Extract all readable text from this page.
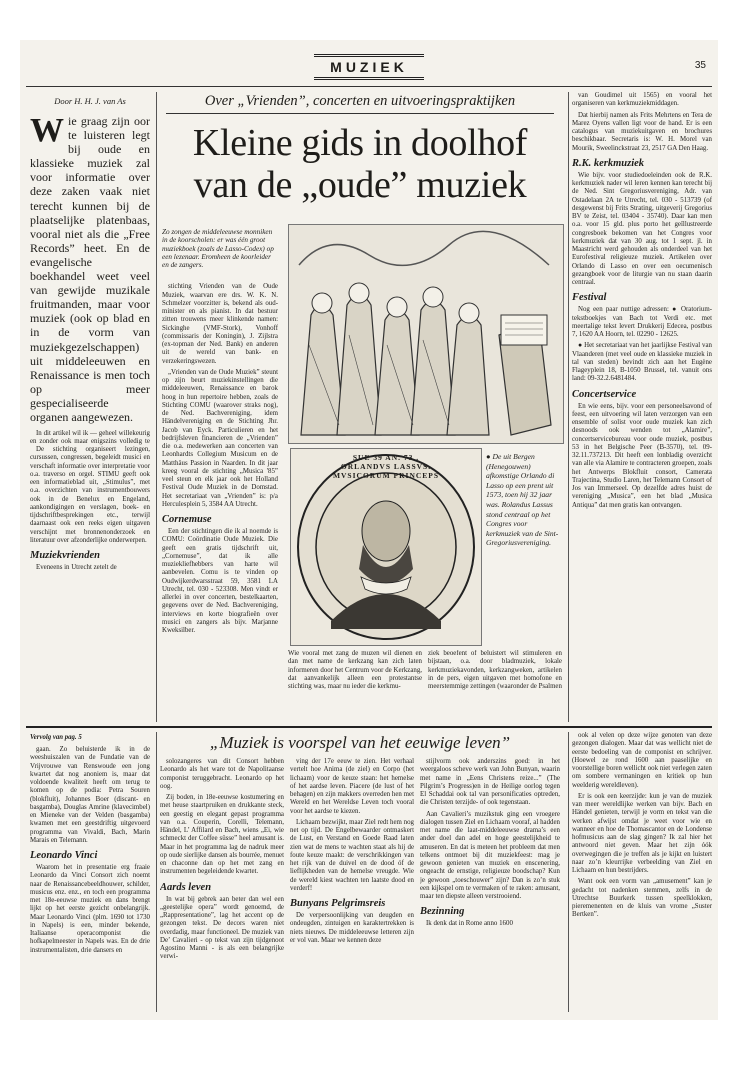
MUZIEK	35
Door H. H. J. van As
Wie graag zijn oor te luisteren legt bij oude en klassieke muziek zal voor informatie over deze zaken vaak niet terecht kunnen bij de plaatselijke platenbaas, vooral niet als die „Free Records” heet. En de evangelische boekhandel weet veel van gewijde muzikale fruitmanden, maar voor muziek (ook op blad en in de vorm van muziekgezelschappen) uit middeleeuwen en Renaissance is men toch op meer gespecialiseerde organen aangewezen.

In dit artikel wil ik — geheel willekeurig en zonder ook maar enigszins volledig te

De stichting organiseert lezingen, cursussen, congressen, begeleidt musici en verschaft informatie over interpretatie voor o.a. traverso en orgel. STIMU geeft ook een informatieblad uit, „Stimulus”, met o.a. overzichten van instrumentbouwers ook in de Benelux en Engeland, aankondigingen en verslagen, boek- en tijdschriftbesprekingen etc., terwijl daarnaast ook een reeks eigen uitgaven verschijnt met bronnenonderzoek en literatuur over afzonderlijke onderwerpen.

Muziekvrienden

Eveneens in Utrecht zetelt de

Over „Vrienden”, concerten en uitvoeringspraktijken
Kleine gids in doolhof
van de „oude” muziek
Zo zongen de middeleeuwse monniken in de koorscholen: er was één groot muziekboek (zoals de Lasso-Codex) op een lezenaar. Eromheen de koorleider en de zangers.

stichting Vrienden van de Oude Muziek, waarvan ere drs. W. K. N. Schmelzer voorzitter is, bekend als oud-minister en als pianist. In dat bestuur zitten trouwens meer klinkende namen: Sickinghe (VMF-Stork), Vonhoff (commissaris der Koningin), J. Zijlstra (ex-topman der Ned. Bank) en anderen uit de wereld van bank- en verzekeringswezen.

„Vrienden van de Oude Muziek” steunt op zijn beurt muziekinstellingen die middeleeuwen, Renaissance en barok hoog in hun repertoire hebben, zoals de Stichting COMU (waarover straks nog), de Ned. Bachvereniging, idem Händelvereniging en de Stichting Jhr. Jacob van Eyck. Particulieren en het bedrijfsleven financieren de „Vrienden” die o.a. medewerken aan concerten van Leonhardts Collegium Musicum en de Matthäus Passion in Naarden. In dit jaar kreeg vooral de stichting „Musica '85” veel steun en elk jaar ook het Holland Festival Oude Muziek in de Domstad. Het secretariaat van „Vrienden” is: p/a Herculesplein 5, 3584 AA Utrecht.

Cornemuse

Een der stichtingen die ik al noemde is COMU: Coördinatie Oude Muziek. Die geeft een gratis tijdschrift uit, „Cornemuse”, dat ik alle muziekliefhebbers van harte wil aanbevelen. Comu is te vinden op Oudwijkerdwarsstraat 59, 3581 LA Utrecht, tel. 030 - 523308. Men vindt er allerlei in over concerten, bestelkaarten, gegevens over de Ned. Bachvereniging, interviews en korte biografieën over musici en zangers als bijv. Marjanne Kweksilber.

SUE 39 AN. 73 . ORLANDVS LASSVS. MVSICORUM PRINCEPS
● De uit Bergen (Henegouwen) afkomstige Orlando di Lasso op een prent uit 1573, toen hij 32 jaar was. Rolandus Lassus stond centraal op het Congres voor kerkmuziek van de Sint-Gregoriusvereniging.
Wie vooral met zang de muzen wil dienen en dan met name de kerkzang kan zich laten informeren door het Centrum voor de Kerkzang, dat aanvankelijk alleen een protestantse stichting was, maar nu ieder die kerkmu-
ziek beoefent of beluistert wil stimuleren en bijstaan, o.a. door bladmuziek, lokale kerkmuziekavonden, kerkzangweken, artikelen in de pers, eigen uitgaven met homofone en meerstemmige zettingen (waaronder de Psalmen

van Goudimel uit 1565) en vooral het organiseren van kerkmuziekmiddagen.

Dat hierbij namen als Frits Mehrtens en Tera de Marez Oyens vallen ligt voor de hand. Er is een catalogus van muziekuitgaven en brochures beschikbaar. Secretaris is: W. H. Morel van Mourik, Sweelinckstraat 23, 2517 GA Den Haag.

R.K. kerkmuziek

Wie bijv. voor studiedoeleinden ook de R.K. kerkmuziek nader wil leren kennen kan terecht bij de Ned. Sint Gregoriusvereniging, Adr. van Ostadelaan 2A te Utrecht, tel. 030 - 513739 (of desgewenst bij Frits Strating, uitgeverij Gregorius BV te Zeist, tel. 03404 - 35740). Daar kan men o.a. voor 15 gld. plus porto het geïllustreerde congresboek bekomen van het Congres voor kerkmuziek dat van 30 aug. tot 1 sept. jl. in Maastricht werd gehouden als onderdeel van het Eurofestival religieuze muziek. Artikelen over Orlando di Lasso en over een oecumenisch gezangboek voor de liturgie van nu staan daarin centraal.

Festival

Nog een paar nuttige adressen: ● Oratorium-tekstboekjes van Bach tot Verdi etc. met meertalige tekst levert Drukkerij Edecea, postbus 7, 1620 AA Hoorn, tel. 02290 - 12625.

● Het secretariaat van het jaarlijkse Festival van Vlaanderen (met veel oude en klassieke muziek in tal van steden) bevindt zich aan het Eugène Flageyplein 18, B-1050 Brussel, tel. vanuit ons land: 09-32.2.6481484.

Concertservice

En wie eens, bijv. voor een personeelsavond of feest, een uitvoering wil laten verzorgen van een ensemble of solist voor oude muziek kan zich desnoods ook wenden tot „Alamire”, concertservicebureau voor oude muziek, postbus 53 in het Belgische Peer (B-3570), tel. 09-32.11.737213. Dit heeft een lonbladig overzicht van alle via Alamire te contracteren groepen, zoals het Antwerps Blokfluit consort, Camerata Trajectina, Studio Laren, het Telemann Consort of Jos van Immerseel. Op dezelfde adres huist de vereniging „Musica”, een het blad „Musica Antiqua” dat men gratis kan ontvangen.

Vervolg van pag. 5	„Muziek is voorspel van het eeuwige leven”

gaan. Zo beluisterde ik in de weeshuiszalen van de Fundatie van de Vrijvrouwe van Renswoude een jong kwartet dat nog anoniem is, maar dat voldoende kwaliteit heeft om terug te komen op de podia: Petra Souren (blokfluit), Johannes Boer (discant- en basgamba), Douglas Amrine (klavecimbel) en Mieneke van der Velden (basgamba) kwamen met een geestdriftig uitgevoerd programma van Vivaldi, Bach, Marin Marais en Telemann.

Leonardo Vinci

Waarom het in presentatie erg fraaie Leonardo da Vinci Consort zich noemt naar de Renaissancebeeldhouwer, schilder, musicus enz. enz., en toch een programma met 18e-eeuwse muziek en dans brengt lijkt op het eerste gezicht onbelangrijk. Maar Leonardo Vinci (plm. 1690 tot 1730 in Napels) is een, minder bekende, Italiaanse operacomponist die hofkapelmeester in Napels was. En de drie instrumentalisten, drie dansers en

solozangeres van dit Consort hebben Leonardo als het ware tot de Napolitaanse componist teruggebracht. Leonardo op het oog.

Zij boden, in 18e-eeuwse kostumering en met heuse staartpruiken en drukkante steck, een geestig en elegant gepast programma van o.a. Couperin, Corelli, Telemann, Händel, L’ Affilard en Bach, wiens „Ei, wie schmeckt der Coffee süsse” heel amusant is. Maar in het programma lag de nadruk meer op oude sierlijke dansen als bourrée, menuet en chaconne dan op het met zang en instrumenten begeleidende kwartet.

Aards leven

In wat bij gebrek aan beter dan wel een „geestelijke opera” wordt genoemd, de „Rappresentatione”, lag het accent op de gezongen tekst. De decors waren niet overdadig, maar functioneel. De muziek van De’ Cavalieri - op tekst van zijn tijdgenoot Agostino Manni - is als een belangrijke verwi-

ving der 17e eeuw te zien. Het verhaal vertelt hoe Anima (de ziel) en Corpo (het lichaam) voor de keuze staan: het hemelse of het aardse leven. Piacere (de lust of het behagen) en zijn makkers overreden hen met Wereld en het Wereldse Leven toch vooral voor het aardse te kiezen.

Lichaam bezwijkt, maar Ziel redt hem nog net op tijd. De Engelbewaarder ontmaskert de Lust, en Verstand en Goede Raad laten zien wat de mens te wachten staat als hij de foute keuze maakt: de verschrikkingen van het rijk van de duivel en de dood óf de lieflijkheden van de hemelse vreugde. Wie de wereld kiest wachten ten laatste dood en verderf!

Bunyans Pelgrimsreis

De verpersoonlijking van deugden en ondeugden, zintuigen en karaktertrekken is niets nieuws. De middeleeuwse letteren zijn er vol van. Maar we kennen deze

stijlvorm ook anderszins goed: in het weergaloos scheve werk van John Bunyan, waarin met name in „Eens Christens reize...” (The Pilgrim’s Progress)en in de Heilige oorlog tegen El Schaddai ook tal van personificaties optreden, die Christen terzijde- of ook tegenstaan.

Aan Cavalieri’s muzikstuk ging een vroegere dialogen tussen Ziel en Lichaam vooraf, al hadden met name die laat-middeleeuwse drama’s een ander doel dan adel en hoge geestelijkheid te amuseren. En dat is meteen het probleem dat men telkens ontmoet bij dit muziekfeest: mag je gewoon genieten van muziek en enscenering, ongeacht de ernstige, religieuze boodschap? Kun je gewoon „toeschouwer” zijn? Dan is zo’n stuk een kijkspel om te vermaken of te raken: amusant, maar ten diepste alleen verstrooiend.

Bezinning

Ik denk dat in Rome anno 1600

ook al velen op deze wijze genoten van deze gezongen dialogen. Maar dat was wellicht niet de eerste bedoeling van de componist en schrijver. (Hoewel ze rond 1600 aan paaselijke en voorstellige boren wellicht ook niet verlegen zaten om sombere vermaningen en kritiek op hun weelderig wereldleven).

Er is ook een keerzijde: kun je van de muziek van meer wereldlijke werken van bijv. Bach en Händel genieten, terwijl je vorm en tekst van die werken afwijst omdat je weet voor wie en wanneer en hoe de Thomascantor en de Londense hofmusicus aan de slag gingen? Ik zal hier het antwoord niet geven. Maar het zijn óók overwegingen die je treffen als je kijkt en luistert naar zo’n kleurrijke verbeelding van Ziel en Lichaam en hun bestrijders.

Want ook een vorm van „amusement” kan je gedacht tot nadenken stemmen, zelfs in de Utrechtse Buurkerk tussen speelklokken, pieremenenten en de kluis van vrome „Suster Bertken”.
